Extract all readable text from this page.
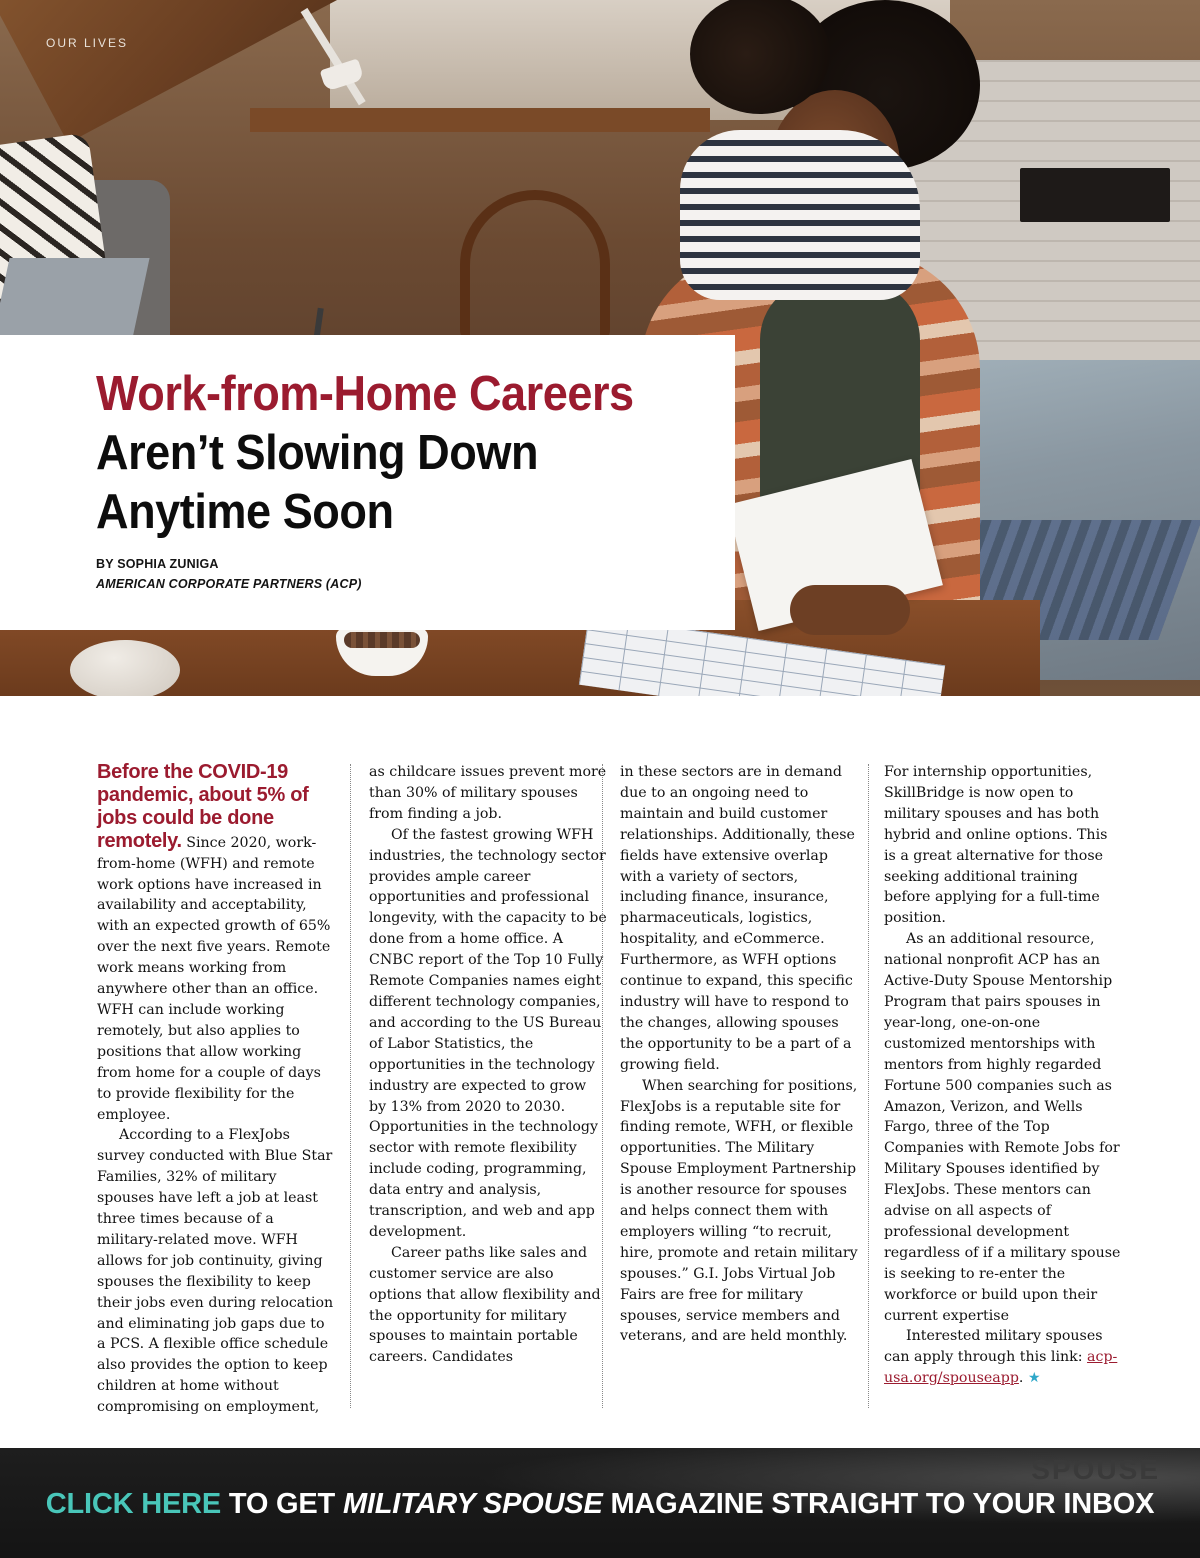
OUR LIVES
Work-from-Home Careers Aren’t Slowing Down Anytime Soon
BY SOPHIA ZUNIGA
AMERICAN CORPORATE PARTNERS (ACP)

Before the COVID-19 pandemic, about 5% of jobs could be done remotely. Since 2020, work-from-home (WFH) and remote work options have increased in availability and acceptability, with an expected growth of 65% over the next five years. Remote work means working from anywhere other than an office. WFH can include working remotely, but also applies to positions that allow working from home for a couple of days to provide flexibility for the employee.

According to a FlexJobs survey conducted with Blue Star Families, 32% of military spouses have left a job at least three times because of a military-related move. WFH allows for job continuity, giving spouses the flexibility to keep their jobs even during relocation and eliminating job gaps due to a PCS. A flexible office schedule also provides the option to keep children at home without compromising on employment,

as childcare issues prevent more than 30% of military spouses from finding a job.

Of the fastest growing WFH industries, the technology sector provides ample career opportunities and professional longevity, with the capacity to be done from a home office. A CNBC report of the Top 10 Fully Remote Companies names eight different technology companies, and according to the US Bureau of Labor Statistics, the opportunities in the technology industry are expected to grow by 13% from 2020 to 2030. Opportunities in the technology sector with remote flexibility include coding, programming, data entry and analysis, transcription, and web and app development.

Career paths like sales and customer service are also options that allow flexibility and the opportunity for military spouses to maintain portable careers. Candidates

in these sectors are in demand due to an ongoing need to maintain and build customer relationships. Additionally, these fields have extensive overlap with a variety of sectors, including finance, insurance, pharmaceuticals, logistics, hospitality, and eCommerce. Furthermore, as WFH options continue to expand, this specific industry will have to respond to the changes, allowing spouses the opportunity to be a part of a growing field.

When searching for positions, FlexJobs is a reputable site for finding remote, WFH, or flexible opportunities. The Military Spouse Employment Partnership is another resource for spouses and helps connect them with employers willing “to recruit, hire, promote and retain military spouses.” G.I. Jobs Virtual Job Fairs are free for military spouses, service members and veterans, and are held monthly.

For internship opportunities, SkillBridge is now open to military spouses and has both hybrid and online options. This is a great alternative for those seeking additional training before applying for a full-time position.

As an additional resource, national nonprofit ACP has an Active-Duty Spouse Mentorship Program that pairs spouses in year-long, one-on-one customized mentorships with mentors from highly regarded Fortune 500 companies such as Amazon, Verizon, and Wells Fargo, three of the Top Companies with Remote Jobs for Military Spouses identified by FlexJobs. These mentors can advise on all aspects of professional development regardless of if a military spouse is seeking to re-enter the workforce or build upon their current expertise

Interested military spouses can apply through this link: acp-usa.org/spouseapp. ★

SPOUSE
CLICK HERE TO GET MILITARY SPOUSE MAGAZINE STRAIGHT TO YOUR INBOX
